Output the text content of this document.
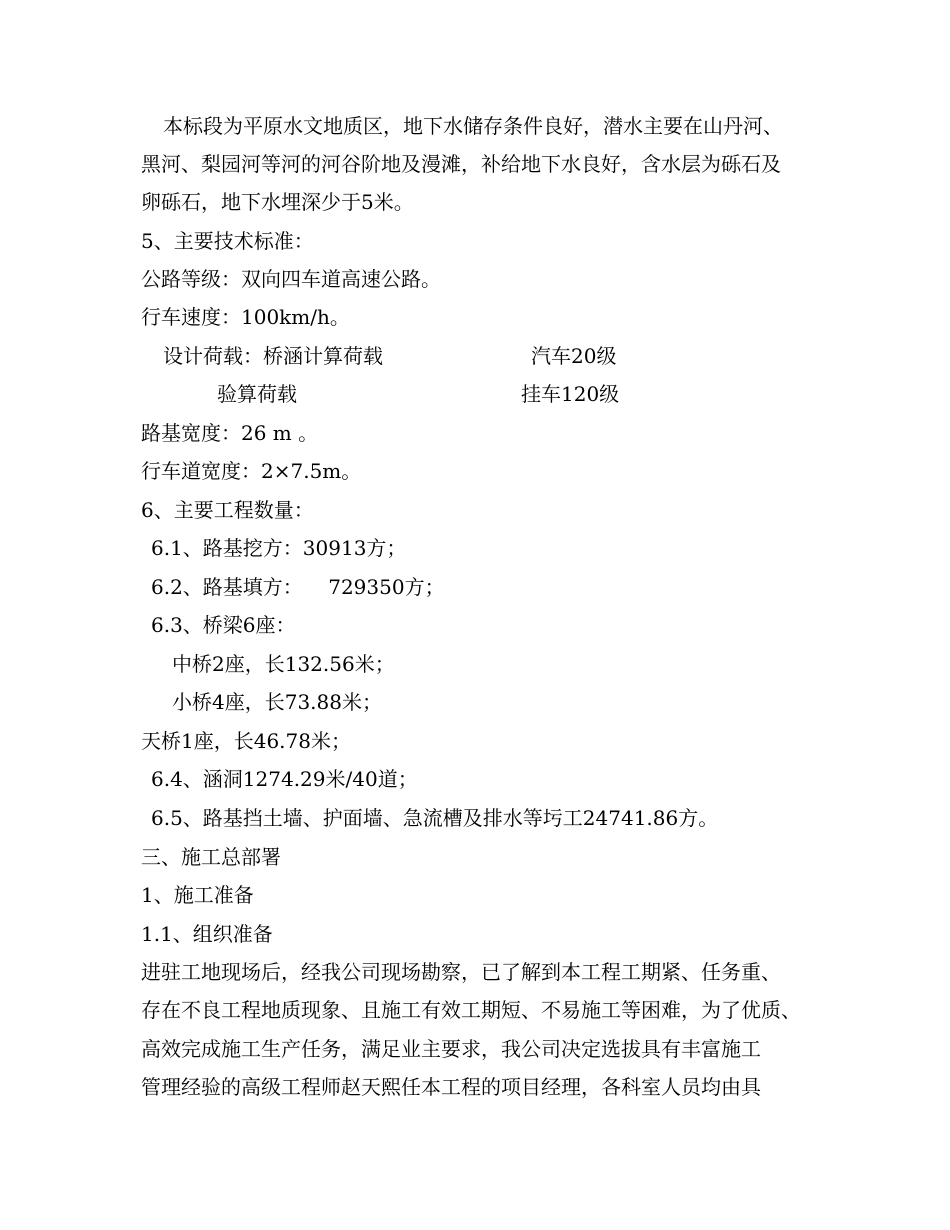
本标段为平原水文地质区，地下水储存条件良好，潜水主要在山丹河、
黑河、梨园河等河的河谷阶地及漫滩，补给地下水良好，含水层为砾石及
卵砾石，地下水埋深少于5米。
5、主要技术标准：
公路等级：双向四车道高速公路。
行车速度：100km/h。
设计荷载：桥涵计算荷载	汽车20级
验算荷载	挂车120级
路基宽度：26 m 。
行车道宽度：2×7.5m。
6、主要工程数量：
6.1、路基挖方：30913方；
6.2、路基填方：    729350方；
6.3、桥梁6座：
中桥2座，长132.56米；
小桥4座，长73.88米；
天桥1座，长46.78米；
6.4、涵洞1274.29米/40道；
6.5、路基挡土墙、护面墙、急流槽及排水等圬工24741.86方。
三、施工总部署
1、施工准备
1.1、组织准备
进驻工地现场后，经我公司现场勘察，已了解到本工程工期紧、任务重、
存在不良工程地质现象、且施工有效工期短、不易施工等困难，为了优质、
高效完成施工生产任务，满足业主要求，我公司决定选拔具有丰富施工
管理经验的高级工程师赵天熙任本工程的项目经理，各科室人员均由具
